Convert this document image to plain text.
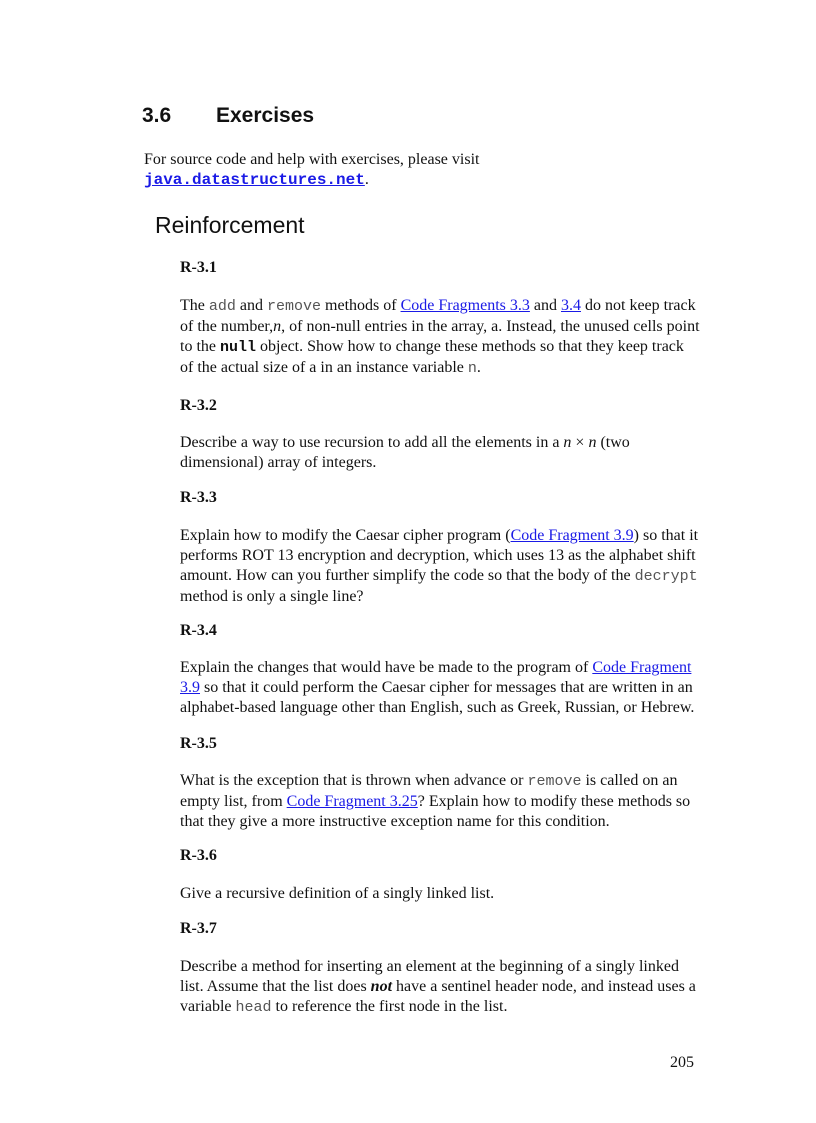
3.6 Exercises
For source code and help with exercises, please visit
java.datastructures.net.
Reinforcement
R-3.1
The add and remove methods of Code Fragments 3.3 and 3.4 do not keep track of the number,n, of non-null entries in the array, a. Instead, the unused cells point to the null object. Show how to change these methods so that they keep track of the actual size of a in an instance variable n.
R-3.2
Describe a way to use recursion to add all the elements in a n × n (two dimensional) array of integers.
R-3.3
Explain how to modify the Caesar cipher program (Code Fragment 3.9) so that it performs ROT 13 encryption and decryption, which uses 13 as the alphabet shift amount. How can you further simplify the code so that the body of the decrypt method is only a single line?
R-3.4
Explain the changes that would have be made to the program of Code Fragment 3.9 so that it could perform the Caesar cipher for messages that are written in an alphabet-based language other than English, such as Greek, Russian, or Hebrew.
R-3.5
What is the exception that is thrown when advance or remove is called on an empty list, from Code Fragment 3.25? Explain how to modify these methods so that they give a more instructive exception name for this condition.
R-3.6
Give a recursive definition of a singly linked list.
R-3.7
Describe a method for inserting an element at the beginning of a singly linked list. Assume that the list does not have a sentinel header node, and instead uses a variable head to reference the first node in the list.
205
